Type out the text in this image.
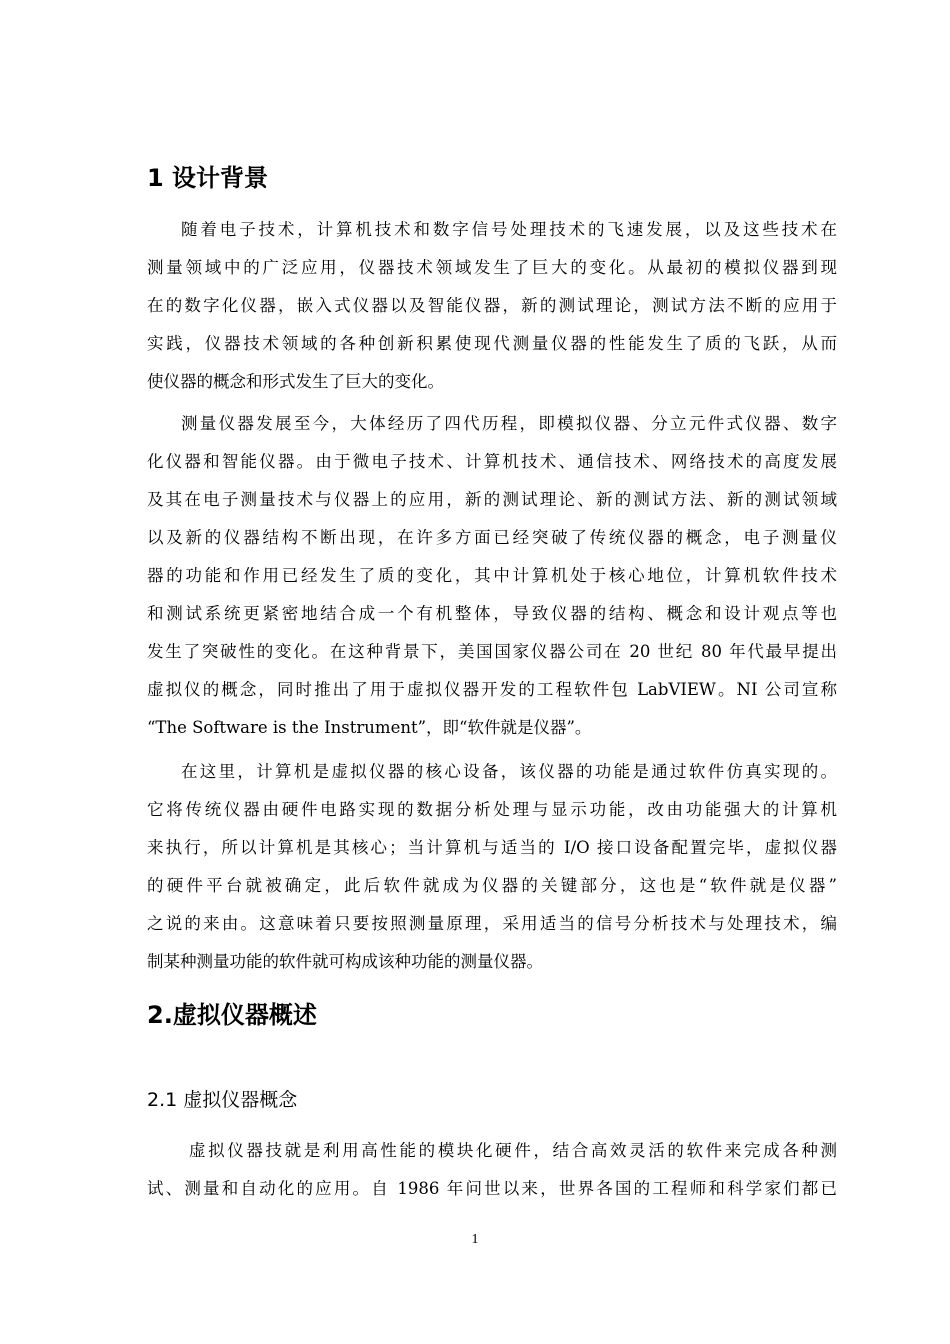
1 设计背景
随着电子技术，计算机技术和数字信号处理技术的飞速发展，以及这些技术在
测量领域中的广泛应用，仪器技术领域发生了巨大的变化。从最初的模拟仪器到现
在的数字化仪器，嵌入式仪器以及智能仪器，新的测试理论，测试方法不断的应用于
实践，仪器技术领域的各种创新积累使现代测量仪器的性能发生了质的飞跃，从而
使仪器的概念和形式发生了巨大的变化。
测量仪器发展至今，大体经历了四代历程，即模拟仪器、分立元件式仪器、数字
化仪器和智能仪器。由于微电子技术、计算机技术、通信技术、网络技术的高度发展
及其在电子测量技术与仪器上的应用，新的测试理论、新的测试方法、新的测试领域
以及新的仪器结构不断出现，在许多方面已经突破了传统仪器的概念，电子测量仪
器的功能和作用已经发生了质的变化，其中计算机处于核心地位，计算机软件技术
和测试系统更紧密地结合成一个有机整体，导致仪器的结构、概念和设计观点等也
发生了突破性的变化。在这种背景下，美国国家仪器公司在 20 世纪 80 年代最早提出
虚拟仪的概念，同时推出了用于虚拟仪器开发的工程软件包 LabVIEW。NI 公司宣称
“The Software is the Instrument”，即“软件就是仪器”。
在这里，计算机是虚拟仪器的核心设备，该仪器的功能是通过软件仿真实现的。
它将传统仪器由硬件电路实现的数据分析处理与显示功能，改由功能强大的计算机
来执行，所以计算机是其核心；当计算机与适当的 I/O 接口设备配置完毕，虚拟仪器
的硬件平台就被确定，此后软件就成为仪器的关键部分，这也是“软件就是仪器”
之说的来由。这意味着只要按照测量原理，采用适当的信号分析技术与处理技术，编
制某种测量功能的软件就可构成该种功能的测量仪器。
2.虚拟仪器概述
2.1 虚拟仪器概念
虚拟仪器技就是利用高性能的模块化硬件，结合高效灵活的软件来完成各种测
试、测量和自动化的应用。自 1986 年问世以来，世界各国的工程师和科学家们都已
1
